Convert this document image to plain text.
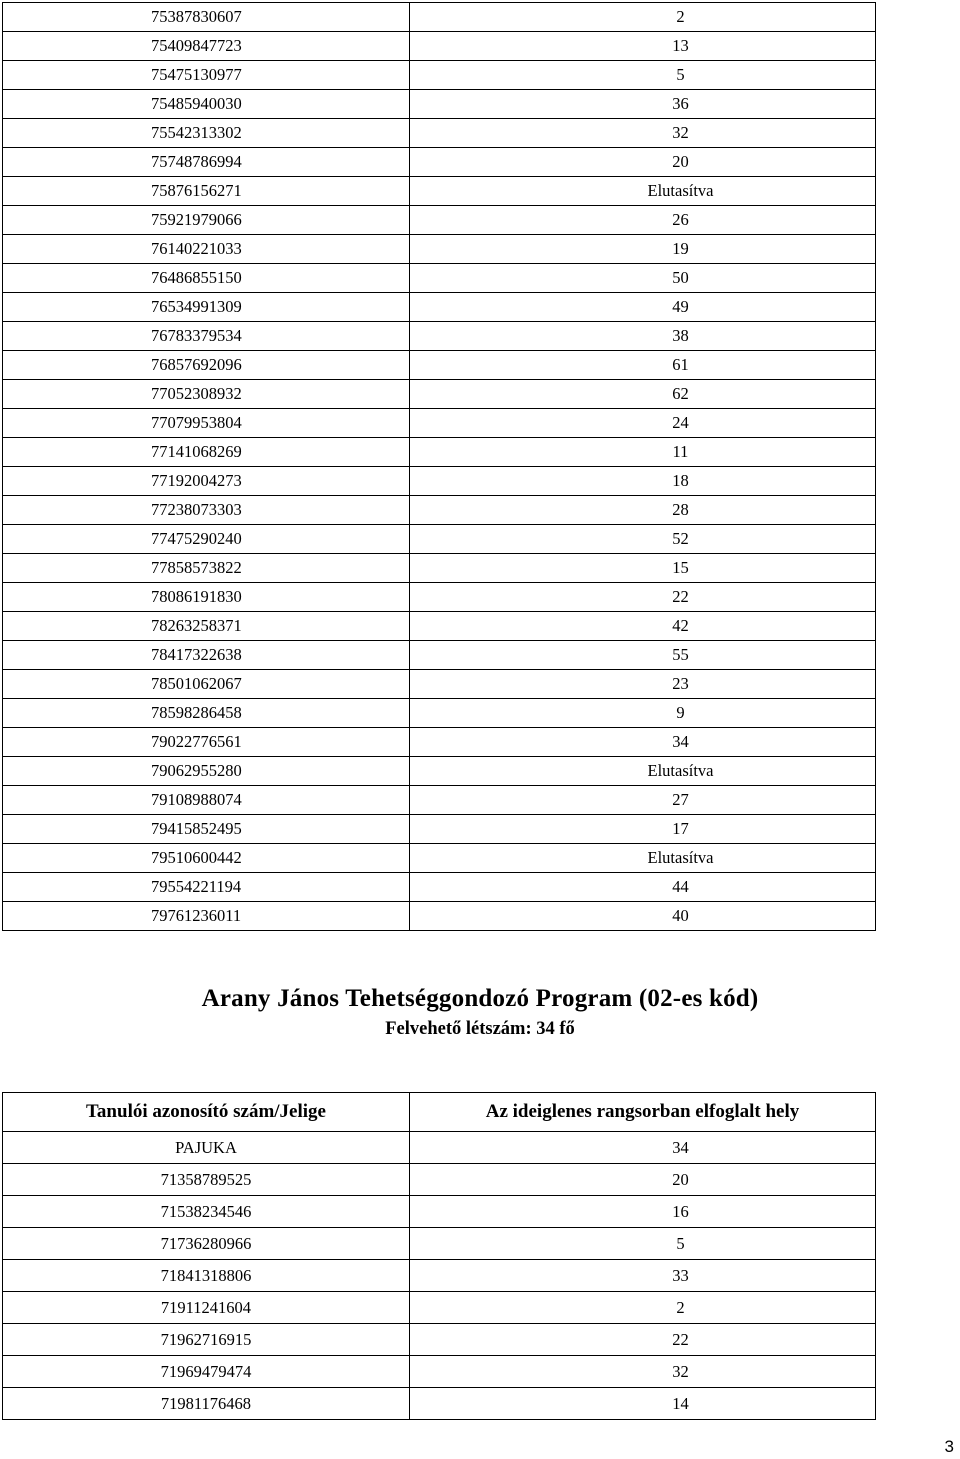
75387830607	2
75409847723	13
75475130977	5
75485940030	36
75542313302	32
75748786994	20
75876156271	Elutasítva
75921979066	26
76140221033	19
76486855150	50
76534991309	49
76783379534	38
76857692096	61
77052308932	62
77079953804	24
77141068269	11
77192004273	18
77238073303	28
77475290240	52
77858573822	15
78086191830	22
78263258371	42
78417322638	55
78501062067	23
78598286458	9
79022776561	34
79062955280	Elutasítva
79108988074	27
79415852495	17
79510600442	Elutasítva
79554221194	44
79761236011	40
Arany János Tehetséggondozó Program (02-es kód)
Felvehető létszám: 34 fő
Tanulói azonosító szám/Jelige	Az ideiglenes rangsorban elfoglalt hely
PAJUKA	34
71358789525	20
71538234546	16
71736280966	5
71841318806	33
71911241604	2
71962716915	22
71969479474	32
71981176468	14
3
